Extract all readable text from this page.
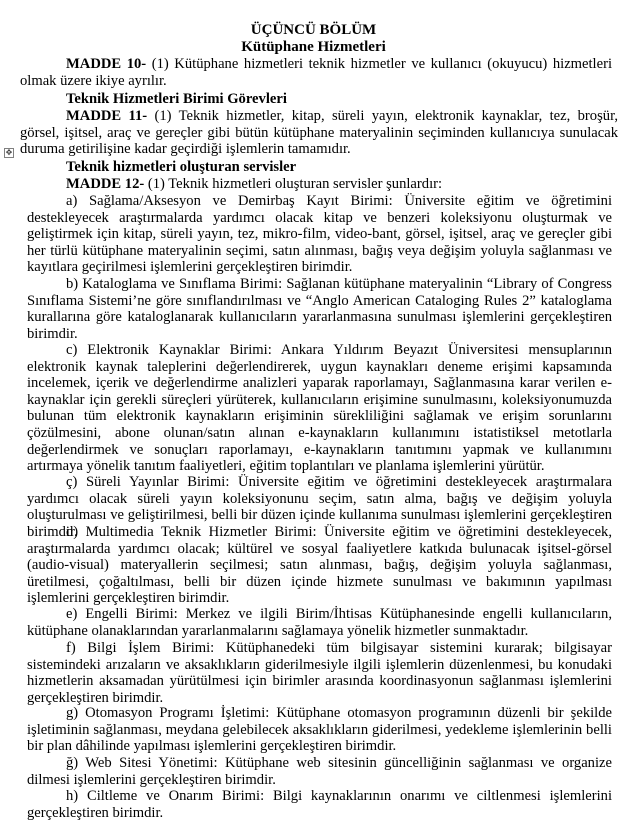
ÜÇÜNCÜ BÖLÜM
Kütüphane Hizmetleri
MADDE 10- (1) Kütüphane hizmetleri teknik hizmetler ve kullanıcı (okuyucu) hizmetleri olmak üzere ikiye ayrılır.
Teknik Hizmetleri Birimi Görevleri
MADDE 11- (1) Teknik hizmetler, kitap, süreli yayın, elektronik kaynaklar, tez, broşür, görsel, işitsel, araç ve gereçler gibi bütün kütüphane materyalinin seçiminden kullanıcıya sunulacak duruma getirilişine kadar geçirdiği işlemlerin tamamıdır.
✥
Teknik hizmetleri oluşturan servisler
MADDE 12- (1) Teknik hizmetleri oluşturan servisler şunlardır:
a) Sağlama/Aksesyon ve Demirbaş Kayıt Birimi: Üniversite eğitim ve öğretimini destekleyecek araştırmalarda yardımcı olacak kitap ve benzeri koleksiyonu oluşturmak ve geliştirmek için kitap, süreli yayın, tez, mikro-film, video-bant, görsel, işitsel, araç ve gereçler gibi her türlü kütüphane materyalinin seçimi, satın alınması, bağış veya değişim yoluyla sağlanması ve kayıtlara geçirilmesi işlemlerini gerçekleştiren birimdir.
b) Kataloglama ve Sınıflama Birimi: Sağlanan kütüphane materyalinin “Library of Congress Sınıflama Sistemi’ne göre sınıflandırılması ve “Anglo American Cataloging Rules 2” kataloglama kurallarına göre kataloglanarak kullanıcıların yararlanmasına sunulması işlemlerini gerçekleştiren birimdir.
c) Elektronik Kaynaklar Birimi: Ankara Yıldırım Beyazıt Üniversitesi mensuplarının elektronik kaynak taleplerini değerlendirerek, uygun kaynakları deneme erişimi kapsamında incelemek, içerik ve değerlendirme analizleri yaparak raporlamayı, Sağlanmasına karar verilen e-kaynaklar için gerekli süreçleri yürüterek, kullanıcıların erişimine sunulmasını, koleksiyonumuzda bulunan tüm elektronik kaynakların erişiminin sürekliliğini sağlamak ve erişim sorunlarını çözülmesini, abone olunan/satın alınan e-kaynakların kullanımını istatistiksel metotlarla değerlendirmek ve sonuçları raporlamayı, e-kaynakların tanıtımını yapmak ve kullanımını artırmaya yönelik tanıtım faaliyetleri, eğitim toplantıları ve planlama işlemlerini yürütür.
ç) Süreli Yayınlar Birimi: Üniversite eğitim ve öğretimini destekleyecek araştırmalara yardımcı olacak süreli yayın koleksiyonunu seçim, satın alma, bağış ve değişim yoluyla oluşturulması ve geliştirilmesi, belli bir düzen içinde kullanıma sunulması işlemlerini gerçekleştiren birimdir.
d) Multimedia Teknik Hizmetler Birimi: Üniversite eğitim ve öğretimini destekleyecek, araştırmalarda yardımcı olacak; kültürel ve sosyal faaliyetlere katkıda bulunacak işitsel-görsel (audio-visual) materyallerin seçilmesi; satın alınması, bağış, değişim yoluyla sağlanması, üretilmesi, çoğaltılması, belli bir düzen içinde hizmete sunulması ve bakımının yapılması işlemlerini gerçekleştiren birimdir.
e) Engelli Birimi: Merkez ve ilgili Birim/İhtisas Kütüphanesinde engelli kullanıcıların, kütüphane olanaklarından yararlanmalarını sağlamaya yönelik hizmetler sunmaktadır.
f) Bilgi İşlem Birimi: Kütüphanedeki tüm bilgisayar sistemini kurarak; bilgisayar sistemindeki arızaların ve aksaklıkların giderilmesiyle ilgili işlemlerin düzenlenmesi, bu konudaki hizmetlerin aksamadan yürütülmesi için birimler arasında koordinasyonun sağlanması işlemlerini gerçekleştiren birimdir.
g) Otomasyon Programı İşletimi: Kütüphane otomasyon programının düzenli bir şekilde işletiminin sağlanması, meydana gelebilecek aksaklıkların giderilmesi, yedekleme işlemlerinin belli bir plan dâhilinde yapılması işlemlerini gerçekleştiren birimdir.
ğ) Web Sitesi Yönetimi: Kütüphane web sitesinin güncelliğinin sağlanması ve organize dilmesi işlemlerini gerçekleştiren birimdir.
h) Ciltleme ve Onarım Birimi: Bilgi kaynaklarının onarımı ve ciltlenmesi işlemlerini gerçekleştiren birimdir.
